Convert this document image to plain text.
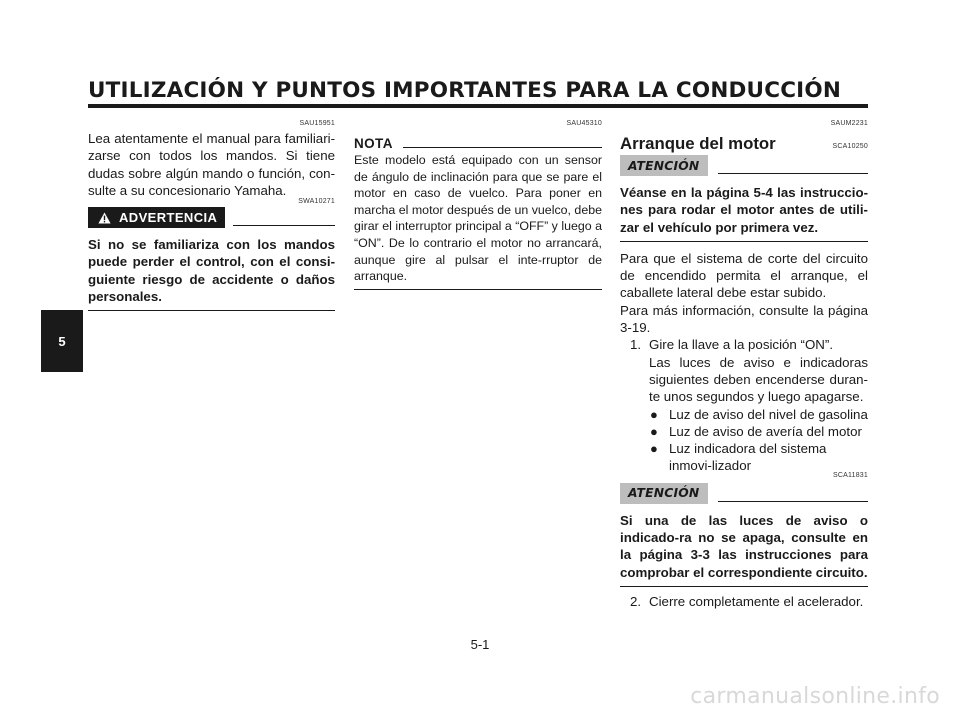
UTILIZACIÓN Y PUNTOS IMPORTANTES PARA LA CONDUCCIÓN
5
SAU15951
Lea atentamente el manual para familiari-zarse con todos los mandos. Si tiene dudas sobre algún mando o función, con-sulte a su concesionario Yamaha.
SWA10271
ADVERTENCIA
Si no se familiariza con los mandos puede perder el control, con el consi-guiente riesgo de accidente o daños personales.
SAU45310
NOTA
Este modelo está equipado con un sensor de ángulo de inclinación para que se pare el motor en caso de vuelco. Para poner en marcha el motor después de un vuelco, debe girar el interruptor principal a “OFF” y luego a “ON”. De lo contrario el motor no arrancará, aunque gire al pulsar el inte-rruptor de arranque.
SAUM2231
Arranque del motor	SCA10250
ATENCIÓN
Véanse en la página 5-4 las instruccio-nes para rodar el motor antes de utili-zar el vehículo por primera vez.
Para que el sistema de corte del circuito de encendido permita el arranque, el caballete lateral debe estar subido.
Para más información, consulte la página 3-19.
1. Gire la llave a la posición “ON”.
Las luces de aviso e indicadoras siguientes deben encenderse duran-te unos segundos y luego apagarse.
● Luz de aviso del nivel de gasolina
● Luz de aviso de avería del motor
● Luz indicadora del sistema inmovi-lizador
SCA11831
ATENCIÓN
Si una de las luces de aviso o indicado-ra no se apaga, consulte en la página 3-3 las instrucciones para comprobar el correspondiente circuito.
2. Cierre completamente el acelerador.
5-1
carmanualsonline.info
